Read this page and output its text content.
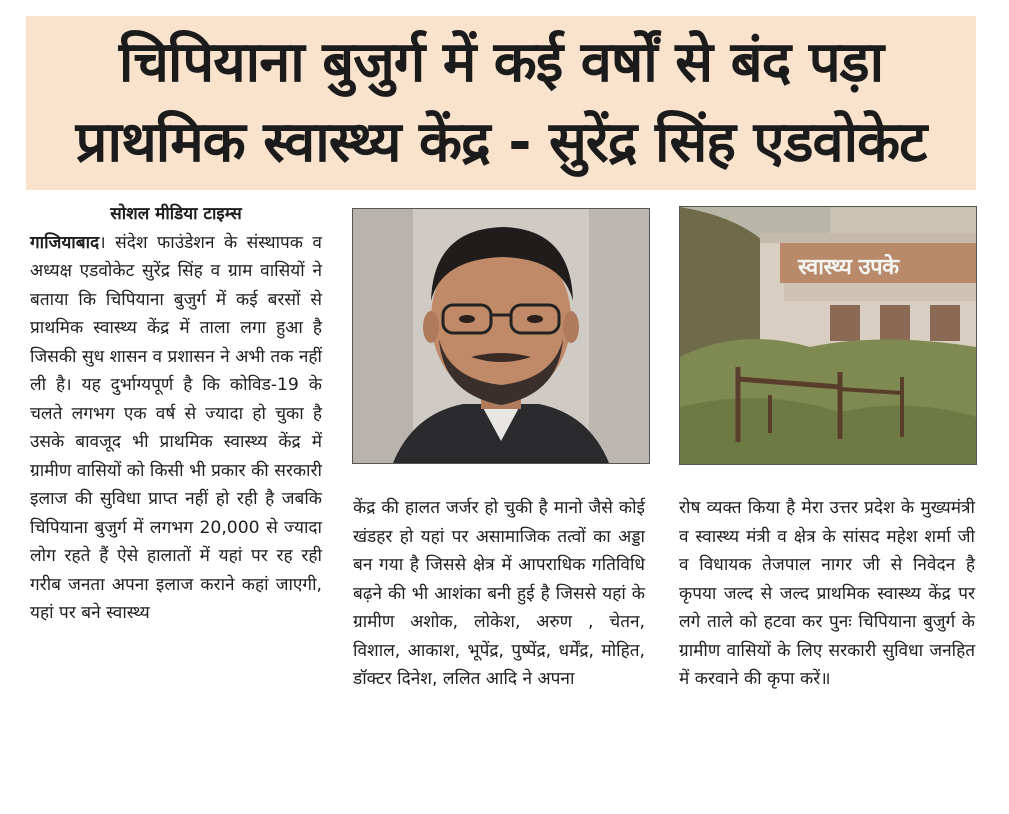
चिपियाना बुजुर्ग में कई वर्षों से बंद पड़ा
प्राथमिक स्वास्थ्य केंद्र - सुरेंद्र सिंह एडवोकेट
सोशल मीडिया टाइम्स

गाजियाबाद। संदेश फाउंडेशन के संस्थापक व अध्यक्ष एडवोकेट सुरेंद्र सिंह व ग्राम वासियों ने बताया कि चिपियाना बुजुर्ग में कई बरसों से प्राथमिक स्वास्थ्य केंद्र में ताला लगा हुआ है जिसकी सुध शासन व प्रशासन ने अभी तक नहीं ली है। यह दुर्भाग्यपूर्ण है कि कोविड-19 के चलते लगभग एक वर्ष से ज्यादा हो चुका है उसके बावजूद भी प्राथमिक स्वास्थ्य केंद्र में ग्रामीण वासियों को किसी भी प्रकार की सरकारी इलाज की सुविधा प्राप्त नहीं हो रही है जबकि चिपियाना बुजुर्ग में लगभग 20,000 से ज्यादा लोग रहते हैं ऐसे हालातों में यहां पर रह रही गरीब जनता अपना इलाज कराने कहां जाएगी, यहां पर बने स्वास्थ्य

स्वास्थ्य उपके

केंद्र की हालत जर्जर हो चुकी है मानो जैसे कोई खंडहर हो यहां पर असामाजिक तत्वों का अड्डा बन गया है जिससे क्षेत्र में आपराधिक गतिविधि बढ़ने की भी आशंका बनी हुई है जिससे यहां के ग्रामीण अशोक, लोकेश, अरुण , चेतन, विशाल, आकाश, भूपेंद्र, पुष्पेंद्र, धर्मेंद्र, मोहित, डॉक्टर दिनेश, ललित आदि ने अपना

रोष व्यक्त किया है मेरा उत्तर प्रदेश के मुख्यमंत्री व स्वास्थ्य मंत्री व क्षेत्र के सांसद महेश शर्मा जी व विधायक तेजपाल नागर जी से निवेदन है कृपया जल्द से जल्द प्राथमिक स्वास्थ्य केंद्र पर लगे ताले को हटवा कर पुनः चिपियाना बुजुर्ग के ग्रामीण वासियों के लिए सरकारी सुविधा जनहित में करवाने की कृपा करें॥
